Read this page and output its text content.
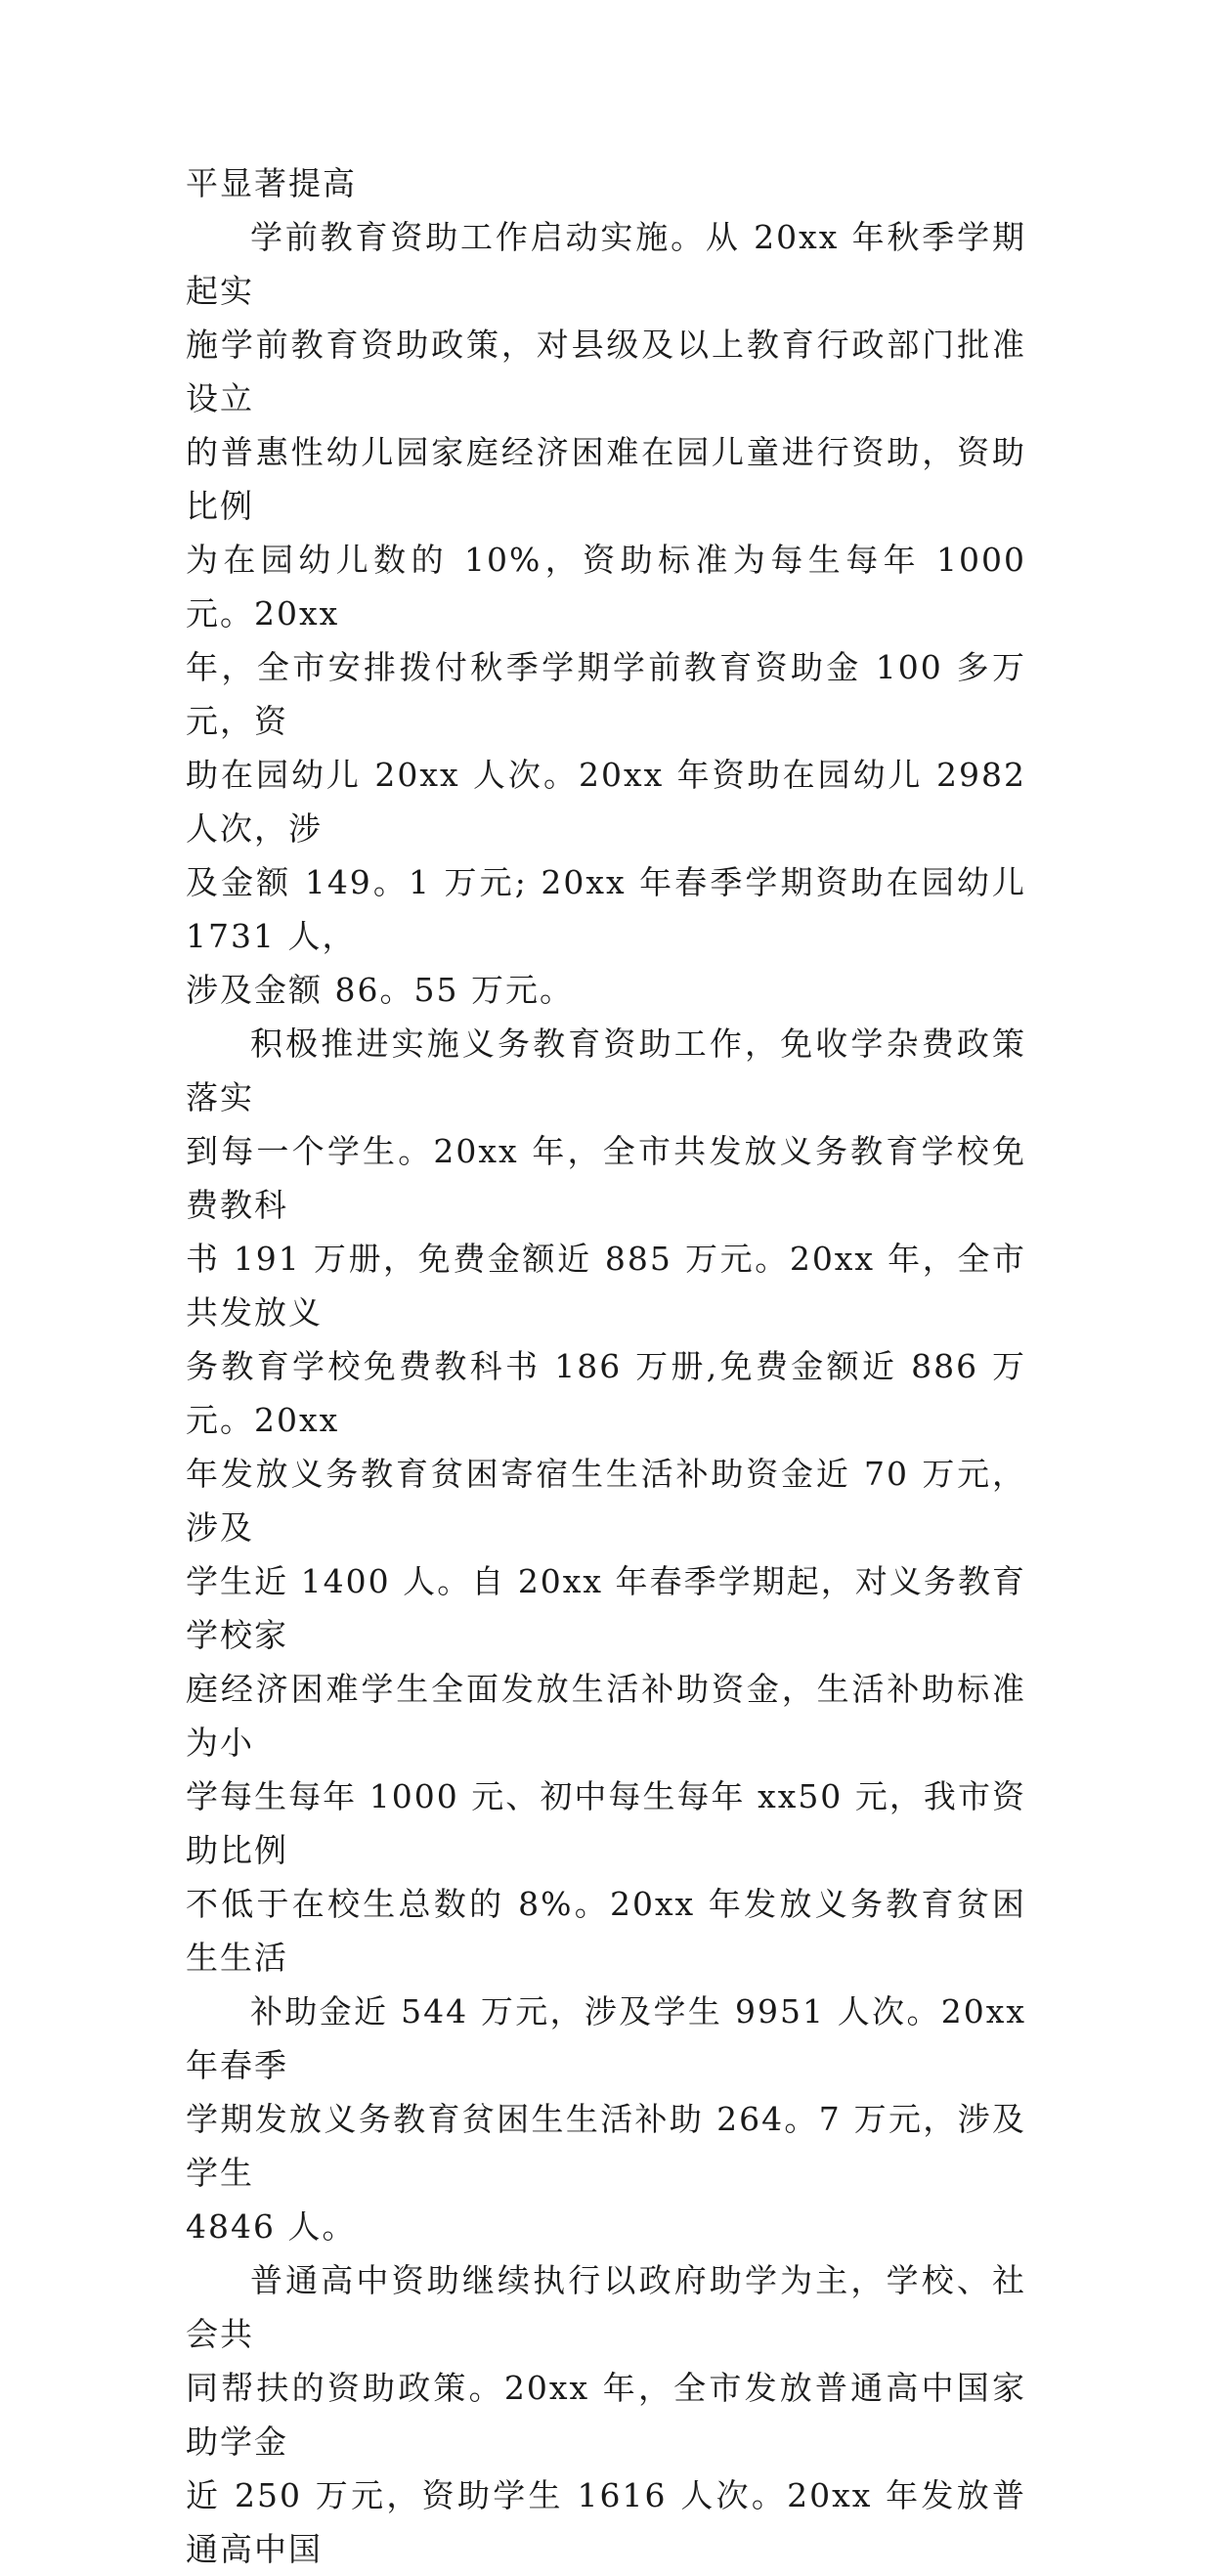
平显著提高

学前教育资助工作启动实施。从 20xx 年秋季学期起实
施学前教育资助政策，对县级及以上教育行政部门批准设立
的普惠性幼儿园家庭经济困难在园儿童进行资助，资助比例
为在园幼儿数的 10%，资助标准为每生每年 1000 元。20xx
年，全市安排拨付秋季学期学前教育资助金 100 多万元，资
助在园幼儿 20xx 人次。20xx 年资助在园幼儿 2982 人次，涉
及金额 149。1 万元; 20xx 年春季学期资助在园幼儿 1731 人，
涉及金额 86。55 万元。

积极推进实施义务教育资助工作，免收学杂费政策落实
到每一个学生。20xx 年，全市共发放义务教育学校免费教科
书 191 万册，免费金额近 885 万元。20xx 年，全市共发放义
务教育学校免费教科书 186 万册,免费金额近 886 万元。20xx
年发放义务教育贫困寄宿生生活补助资金近 70 万元，涉及
学生近 1400 人。自 20xx 年春季学期起，对义务教育学校家
庭经济困难学生全面发放生活补助资金，生活补助标准为小
学每生每年 1000 元、初中每生每年 xx50 元，我市资助比例
不低于在校生总数的 8%。20xx 年发放义务教育贫困生生活

补助金近 544 万元，涉及学生 9951 人次。20xx 年春季
学期发放义务教育贫困生生活补助 264。7 万元，涉及学生
4846 人。

普通高中资助继续执行以政府助学为主，学校、社会共
同帮扶的资助政策。20xx 年，全市发放普通高中国家助学金
近 250 万元，资助学生 1616 人次。20xx 年发放普通高中国
